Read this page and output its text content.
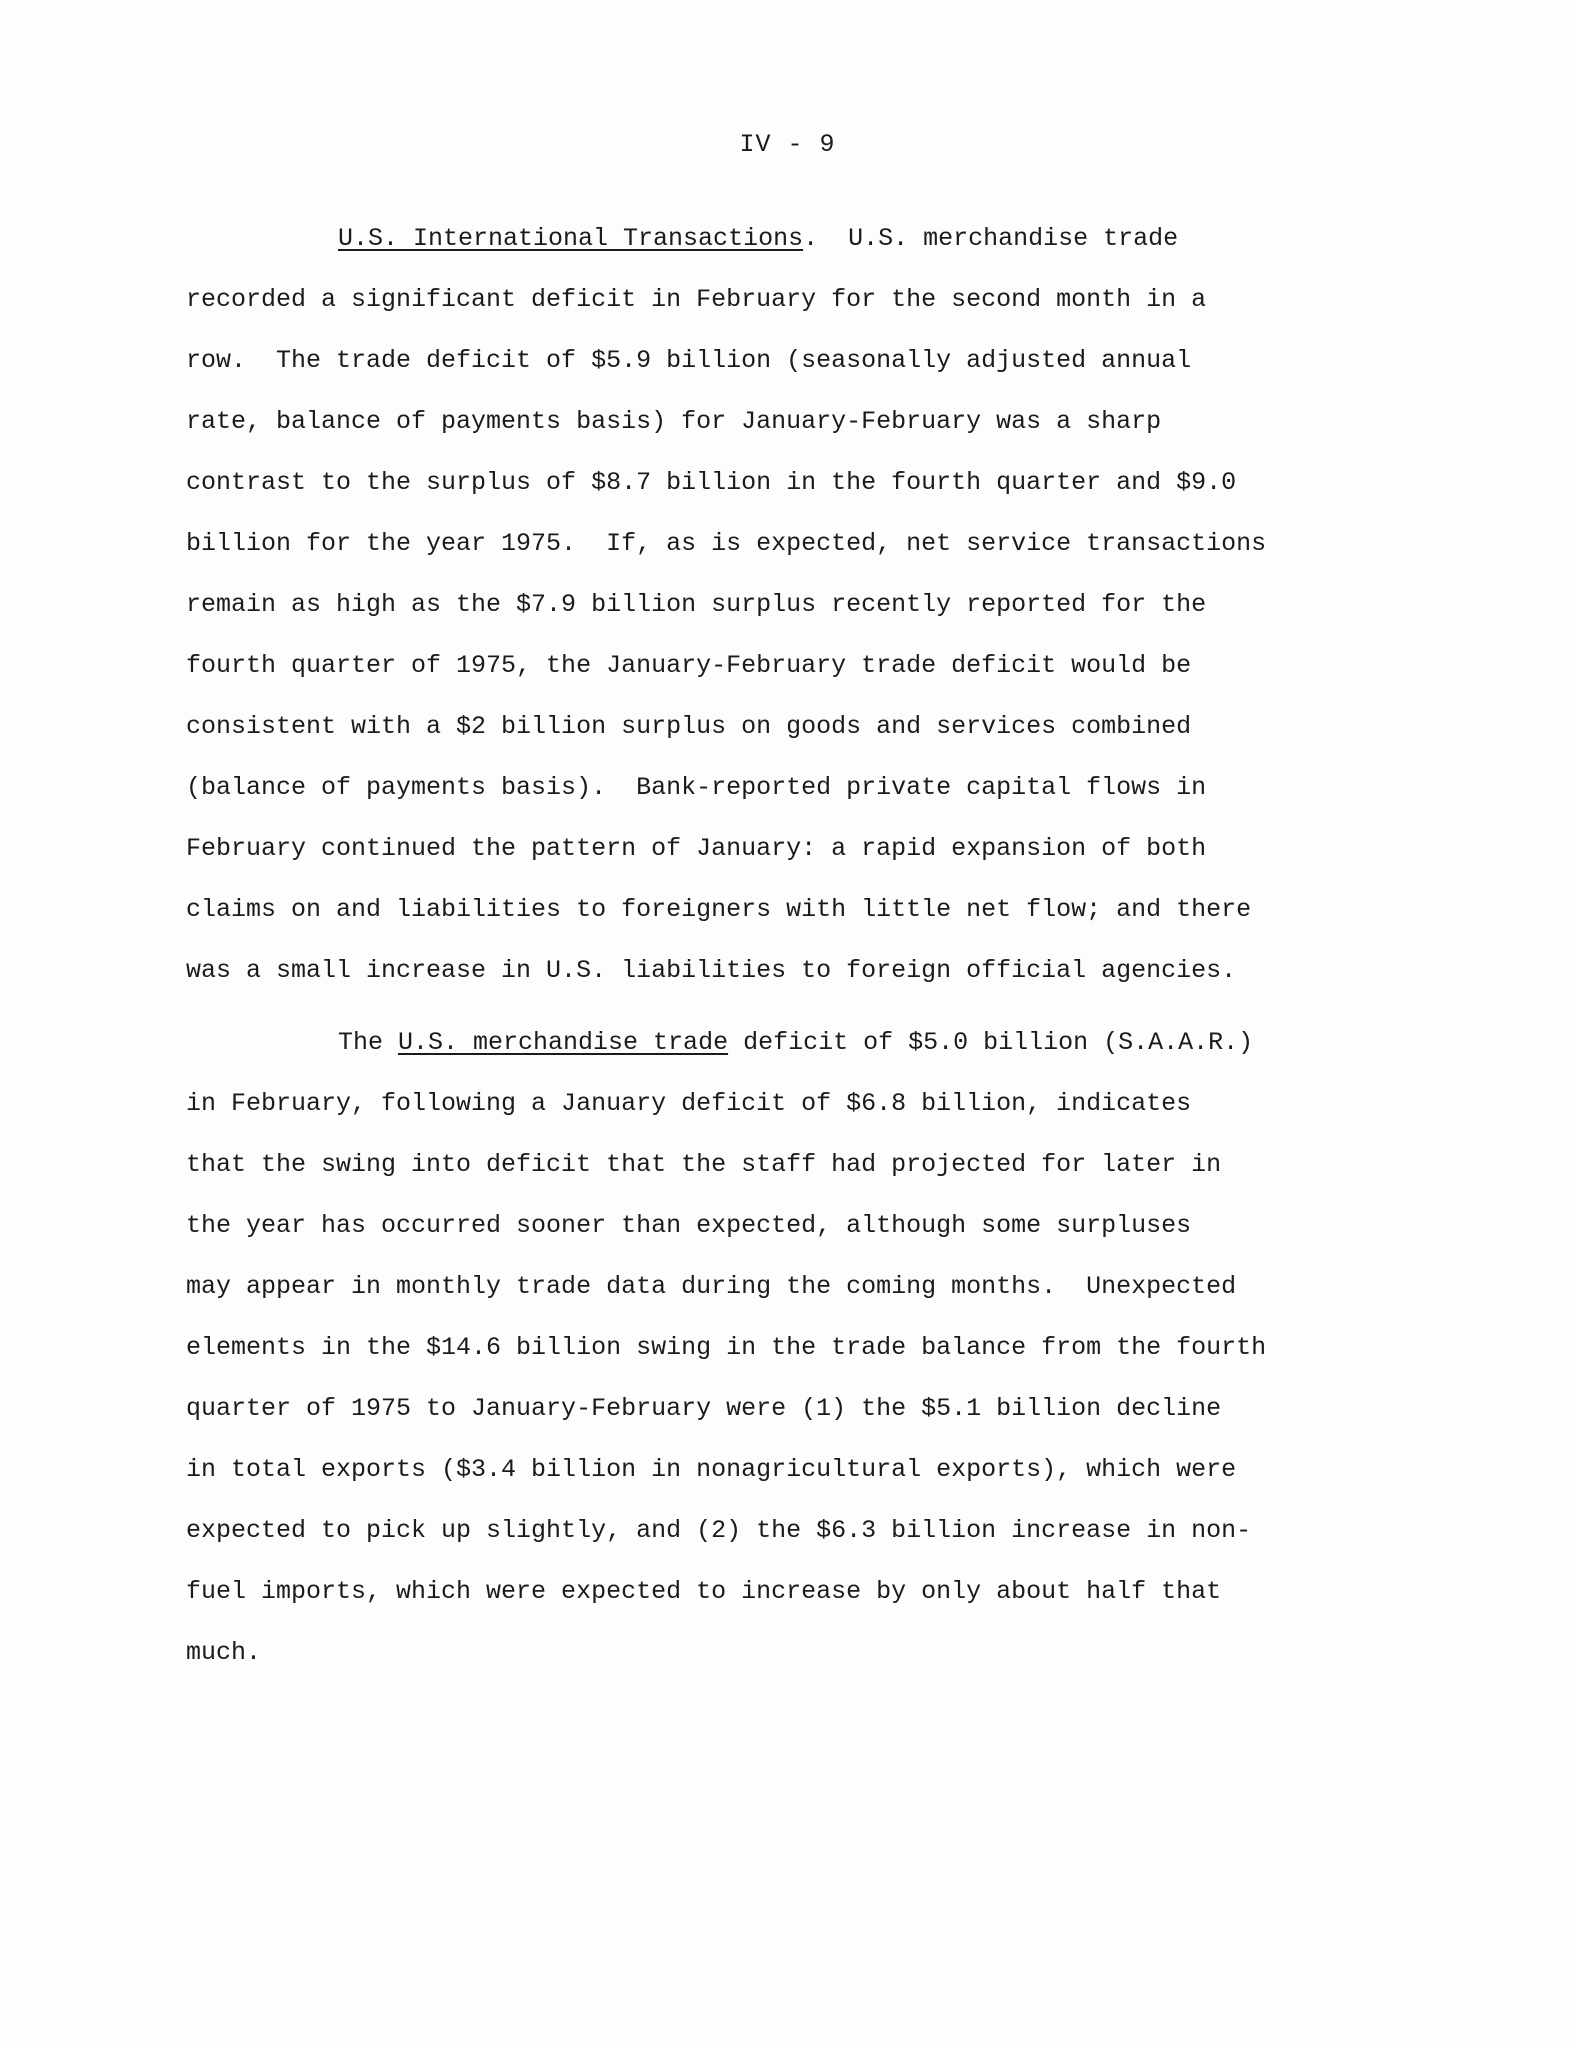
IV - 9
U.S. International Transactions.  U.S. merchandise trade
recorded a significant deficit in February for the second month in a
row.  The trade deficit of $5.9 billion (seasonally adjusted annual
rate, balance of payments basis) for January-February was a sharp
contrast to the surplus of $8.7 billion in the fourth quarter and $9.0
billion for the year 1975.  If, as is expected, net service transactions
remain as high as the $7.9 billion surplus recently reported for the
fourth quarter of 1975, the January-February trade deficit would be
consistent with a $2 billion surplus on goods and services combined
(balance of payments basis).  Bank-reported private capital flows in
February continued the pattern of January: a rapid expansion of both
claims on and liabilities to foreigners with little net flow; and there
was a small increase in U.S. liabilities to foreign official agencies.
The U.S. merchandise trade deficit of $5.0 billion (S.A.A.R.)
in February, following a January deficit of $6.8 billion, indicates
that the swing into deficit that the staff had projected for later in
the year has occurred sooner than expected, although some surpluses
may appear in monthly trade data during the coming months.  Unexpected
elements in the $14.6 billion swing in the trade balance from the fourth
quarter of 1975 to January-February were (1) the $5.1 billion decline
in total exports ($3.4 billion in nonagricultural exports), which were
expected to pick up slightly, and (2) the $6.3 billion increase in non-
fuel imports, which were expected to increase by only about half that
much.
